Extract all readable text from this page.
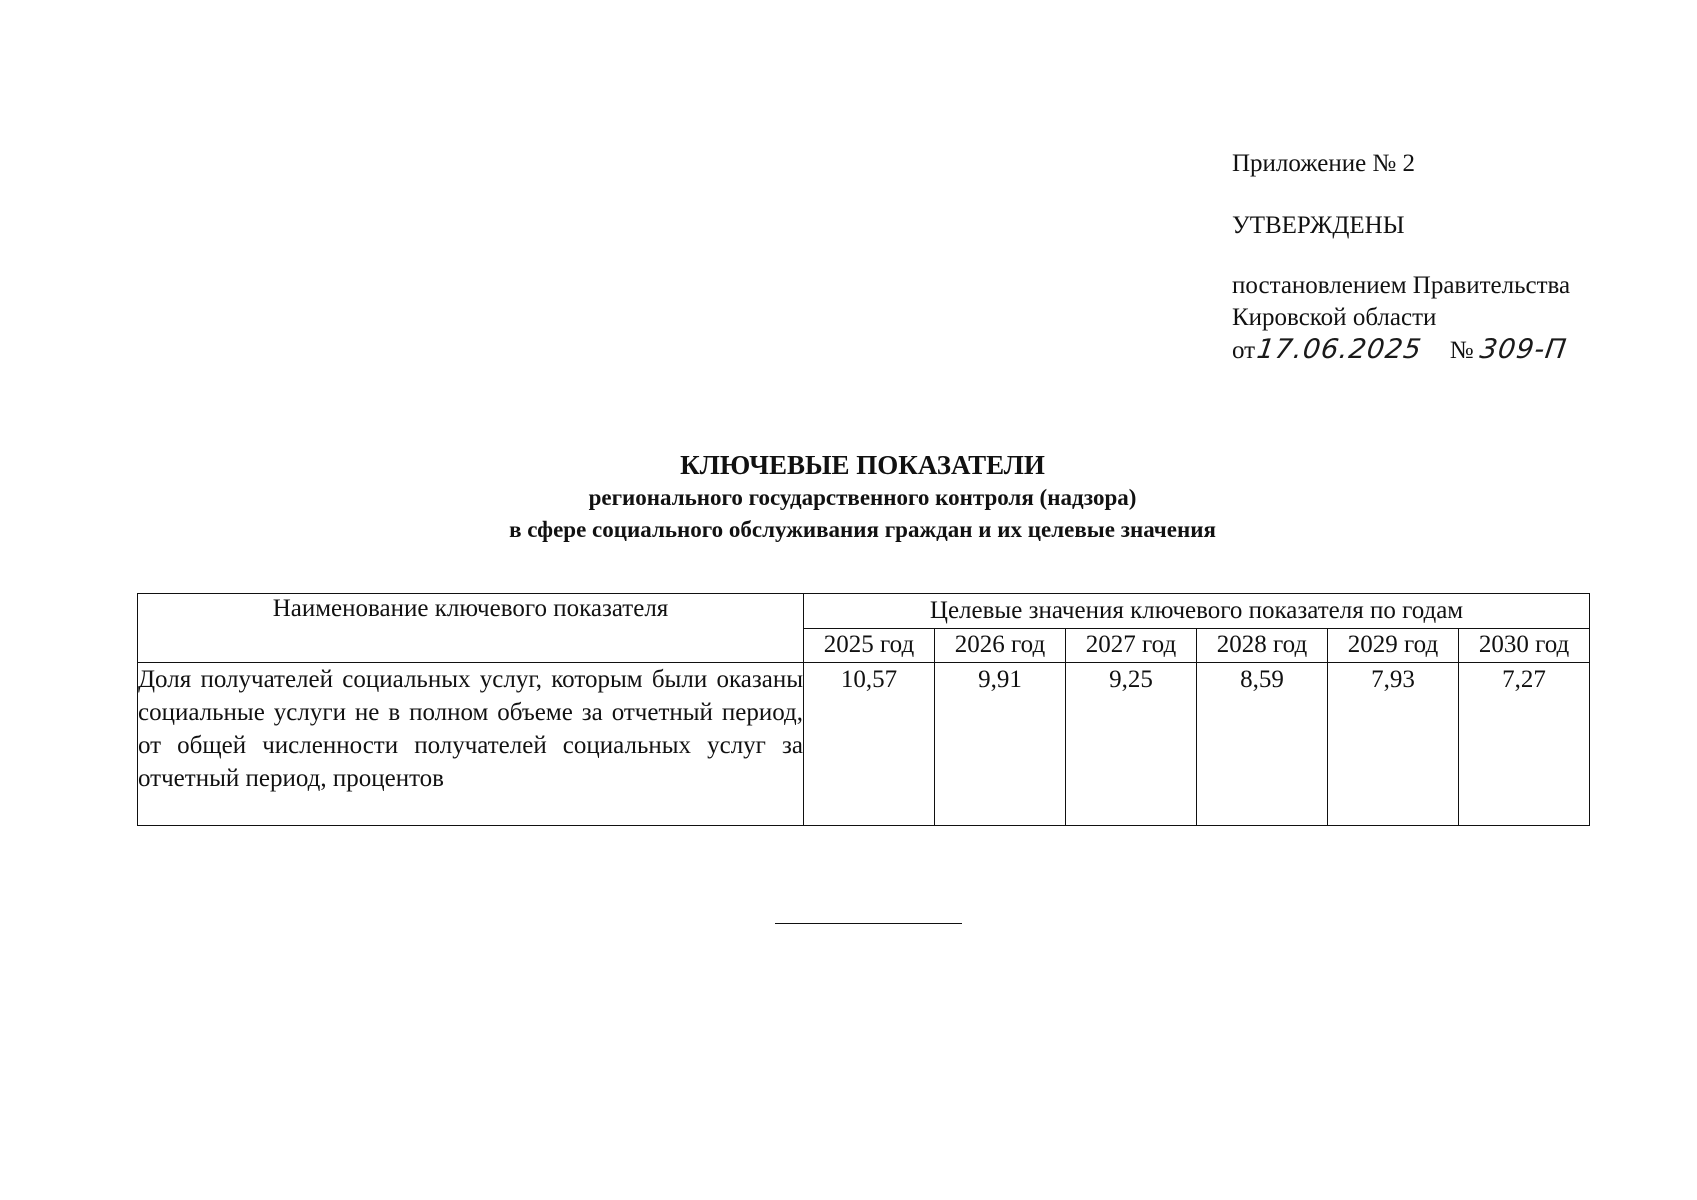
Приложение № 2
УТВЕРЖДЕНЫ
постановлением Правительства
Кировской области
от17.06.2025 № 309-П
КЛЮЧЕВЫЕ ПОКАЗАТЕЛИ
регионального государственного контроля (надзора)
в сфере социального обслуживания граждан и их целевые значения
Наименование ключевого показателя	Целевые значения ключевого показателя по годам					
	2025 год	2026 год	2027 год	2028 год	2029 год	2030 год
Доля получателей социальных услуг, которым были оказаны социальные услуги не в полном объеме за отчетный период, от общей численности получателей социальных услуг за отчетный период, процентов	10,57	9,91	9,25	8,59	7,93	7,27
